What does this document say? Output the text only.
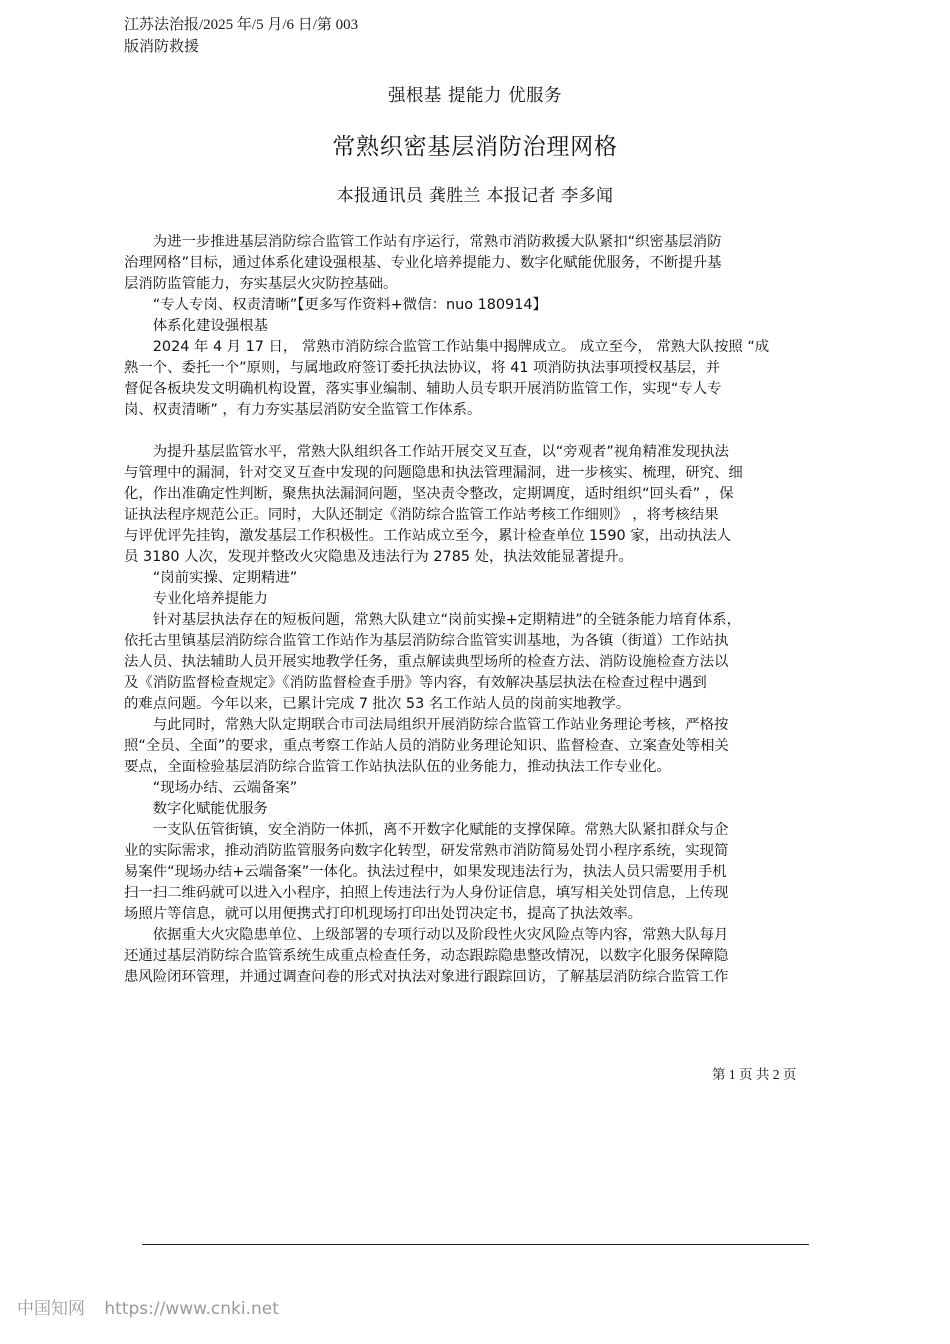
江苏法治报/2025 年/5 月/6 日/第 003
版消防救援
强根基 提能力 优服务
常熟织密基层消防治理网格
本报通讯员 龚胜兰 本报记者 李多闻
　　为进一步推进基层消防综合监管工作站有序运行，常熟市消防救援大队紧扣“织密基层消防
治理网格”目标，通过体系化建设强根基、专业化培养提能力、数字化赋能优服务，不断提升基
层消防监管能力，夯实基层火灾防控基础。
　　“专人专岗、权责清晰”【更多写作资料+微信：nuo 180914】
　　体系化建设强根基
　　2024 年 4 月 17 日， 常熟市消防综合监管工作站集中揭牌成立。 成立至今， 常熟大队按照 “成
熟一个、委托一个”原则，与属地政府签订委托执法协议，将 41 项消防执法事项授权基层，并
督促各板块发文明确机构设置，落实事业编制、辅助人员专职开展消防监管工作，实现“专人专
岗、权责清晰” ，有力夯实基层消防安全监管工作体系。
　　为提升基层监管水平，常熟大队组织各工作站开展交叉互查，以“旁观者”视角精准发现执法
与管理中的漏洞，针对交叉互查中发现的问题隐患和执法管理漏洞，进一步核实、梳理，研究、细
化，作出准确定性判断，聚焦执法漏洞问题，坚决责令整改，定期调度，适时组织“回头看” ，保
证执法程序规范公正。同时，大队还制定《消防综合监管工作站考核工作细则》 ，将考核结果
与评优评先挂钩，激发基层工作积极性。工作站成立至今，累计检查单位 1590 家，出动执法人
员 3180 人次，发现并整改火灾隐患及违法行为 2785 处，执法效能显著提升。
　　“岗前实操、定期精进”
　　专业化培养提能力
　　针对基层执法存在的短板问题，常熟大队建立“岗前实操+定期精进”的全链条能力培育体系，
依托古里镇基层消防综合监管工作站作为基层消防综合监管实训基地，为各镇（街道）工作站执
法人员、执法辅助人员开展实地教学任务，重点解读典型场所的检查方法、消防设施检查方法以
及《消防监督检查规定》《消防监督检查手册》等内容，有效解决基层执法在检查过程中遇到
的难点问题。今年以来，已累计完成 7 批次 53 名工作站人员的岗前实地教学。
　　与此同时，常熟大队定期联合市司法局组织开展消防综合监管工作站业务理论考核，严格按
照“全员、全面”的要求，重点考察工作站人员的消防业务理论知识、监督检查、立案查处等相关
要点，全面检验基层消防综合监管工作站执法队伍的业务能力，推动执法工作专业化。
　　“现场办结、云端备案”
　　数字化赋能优服务
　　一支队伍管街镇，安全消防一体抓，离不开数字化赋能的支撑保障。常熟大队紧扣群众与企
业的实际需求，推动消防监管服务向数字化转型，研发常熟市消防简易处罚小程序系统，实现简
易案件“现场办结+云端备案”一体化。执法过程中，如果发现违法行为，执法人员只需要用手机
扫一扫二维码就可以进入小程序，拍照上传违法行为人身份证信息，填写相关处罚信息，上传现
场照片等信息，就可以用便携式打印机现场打印出处罚决定书，提高了执法效率。
　　依据重大火灾隐患单位、上级部署的专项行动以及阶段性火灾风险点等内容，常熟大队每月
还通过基层消防综合监管系统生成重点检查任务，动态跟踪隐患整改情况，以数字化服务保障隐
患风险闭环管理，并通过调查问卷的形式对执法对象进行跟踪回访，了解基层消防综合监管工作
第 1 页 共 2 页
中国知网 https://www.cnki.net
